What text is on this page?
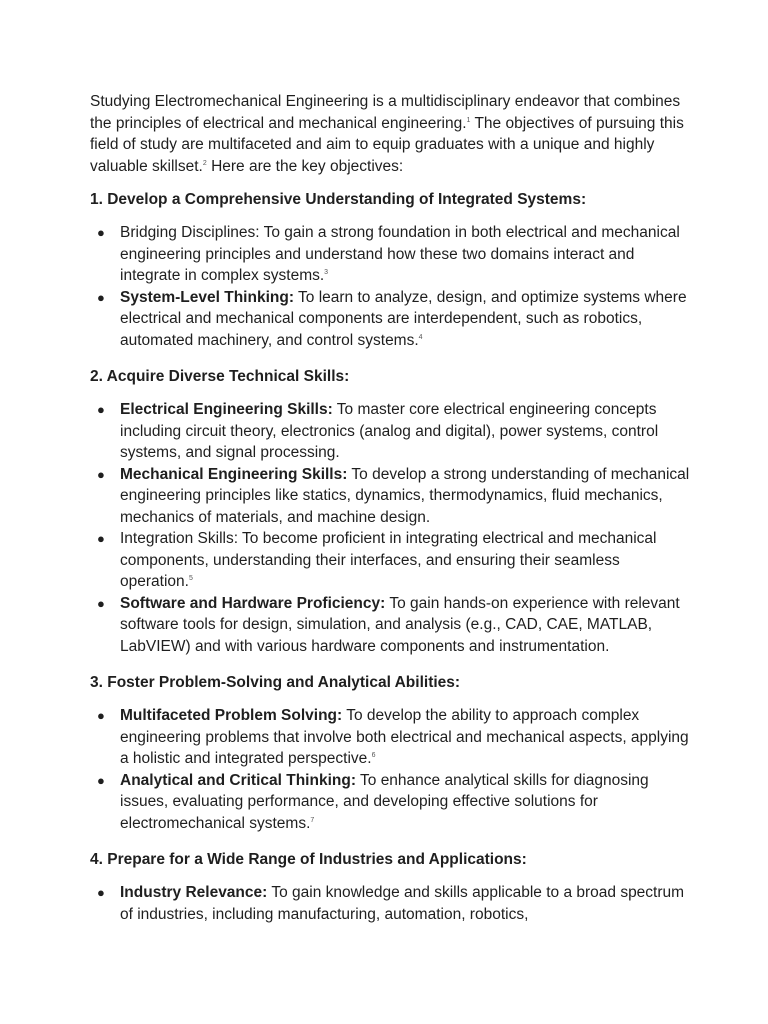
Studying Electromechanical Engineering is a multidisciplinary endeavor that combines the principles of electrical and mechanical engineering.$^1$ The objectives of pursuing this field of study are multifaceted and aim to equip graduates with a unique and highly valuable skillset.$^2$ Here are the key objectives:

1. Develop a Comprehensive Understanding of Integrated Systems:
● Bridging Disciplines: To gain a strong foundation in both electrical and mechanical engineering principles and understand how these two domains interact and integrate in complex systems.$^3$
● System-Level Thinking: To learn to analyze, design, and optimize systems where electrical and mechanical components are interdependent, such as robotics, automated machinery, and control systems.$^4$
2. Acquire Diverse Technical Skills:
● Electrical Engineering Skills: To master core electrical engineering concepts including circuit theory, electronics (analog and digital), power systems, control systems, and signal processing.
● Mechanical Engineering Skills: To develop a strong understanding of mechanical engineering principles like statics, dynamics, thermodynamics, fluid mechanics, mechanics of materials, and machine design.
● Integration Skills: To become proficient in integrating electrical and mechanical components, understanding their interfaces, and ensuring their seamless operation.$^5$
● Software and Hardware Proficiency: To gain hands-on experience with relevant software tools for design, simulation, and analysis (e.g., CAD, CAE, MATLAB, LabVIEW) and with various hardware components and instrumentation.
3. Foster Problem-Solving and Analytical Abilities:
● Multifaceted Problem Solving: To develop the ability to approach complex engineering problems that involve both electrical and mechanical aspects, applying a holistic and integrated perspective.$^6$
● Analytical and Critical Thinking: To enhance analytical skills for diagnosing issues, evaluating performance, and developing effective solutions for electromechanical systems.$^7$
4. Prepare for a Wide Range of Industries and Applications:
● Industry Relevance: To gain knowledge and skills applicable to a broad spectrum of industries, including manufacturing, automation, robotics,
